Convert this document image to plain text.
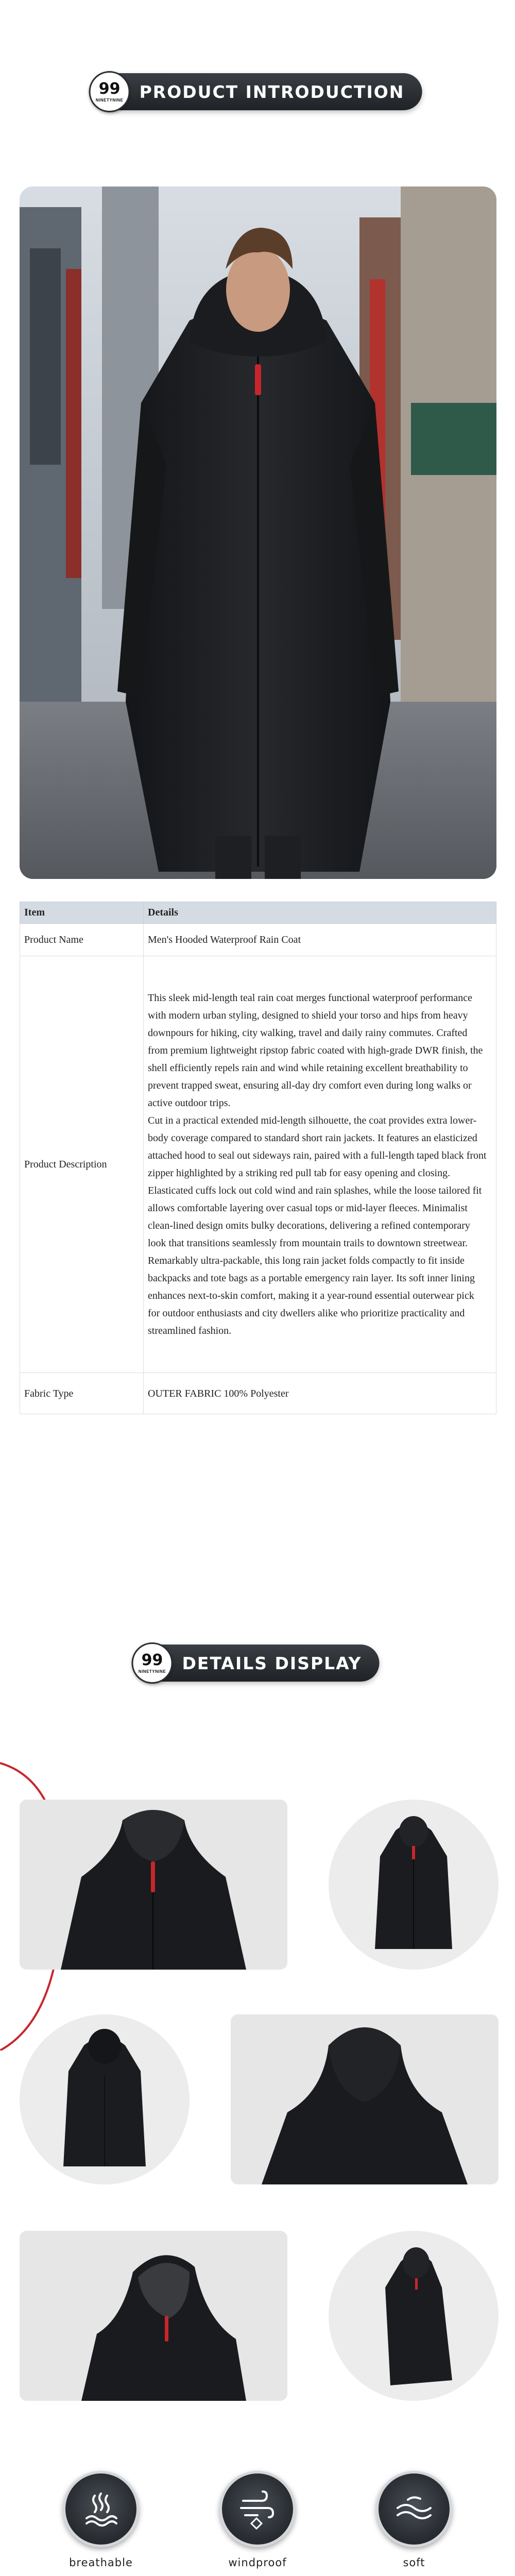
99
NINETYNINE PRODUCT INTRODUCTION
Item	Details
Product Name	Men's Hooded Waterproof Rain Coat
Product Description	This sleek mid-length teal rain coat merges functional waterproof performance with modern urban styling, designed to shield your torso and hips from heavy downpours for hiking, city walking, travel and daily rainy commutes. Crafted from premium lightweight ripstop fabric coated with high-grade DWR finish, the shell efficiently repels rain and wind while retaining excellent breathability to prevent trapped sweat, ensuring all-day dry comfort even during long walks or active outdoor trips.
Cut in a practical extended mid-length silhouette, the coat provides extra lower-body coverage compared to standard short rain jackets. It features an elasticized attached hood to seal out sideways rain, paired with a full-length taped black front zipper highlighted by a striking red pull tab for easy opening and closing. Elasticated cuffs lock out cold wind and rain splashes, while the loose tailored fit allows comfortable layering over casual tops or mid-layer fleeces. Minimalist clean-lined design omits bulky decorations, delivering a refined contemporary look that transitions seamlessly from mountain trails to downtown streetwear.
Remarkably ultra-packable, this long rain jacket folds compactly to fit inside backpacks and tote bags as a portable emergency rain layer. Its soft inner lining enhances next-to-skin comfort, making it a year-round essential outerwear pick for outdoor enthusiasts and city dwellers alike who prioritize practicality and streamlined fashion.

Fabric Type	OUTER FABRIC 100% Polyester
99
NINETYNINE DETAILS DISPLAY
breathable	windproof	soft
